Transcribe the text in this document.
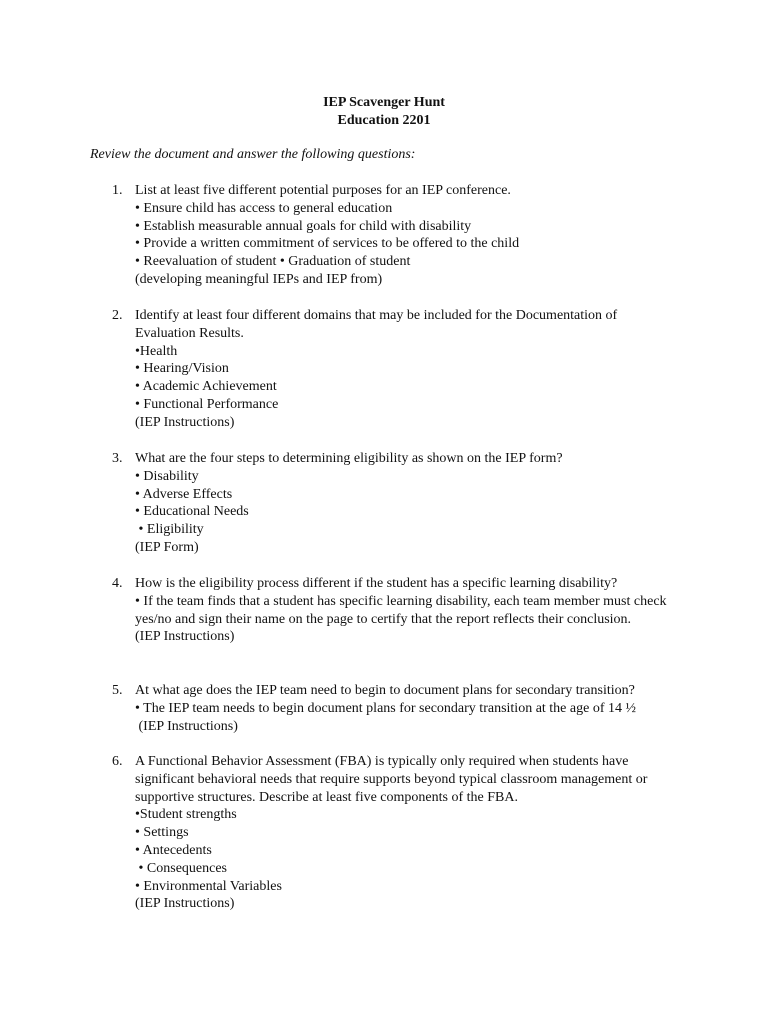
IEP Scavenger Hunt
Education 2201
Review the document and answer the following questions:
1. List at least five different potential purposes for an IEP conference.
• Ensure child has access to general education
• Establish measurable annual goals for child with disability
• Provide a written commitment of services to be offered to the child
• Reevaluation of student • Graduation of student
(developing meaningful IEPs and IEP from)
2. Identify at least four different domains that may be included for the Documentation of Evaluation Results.
•Health
• Hearing/Vision
• Academic Achievement
• Functional Performance
(IEP Instructions)
3. What are the four steps to determining eligibility as shown on the IEP form?
• Disability
• Adverse Effects
• Educational Needs
• Eligibility
(IEP Form)
4. How is the eligibility process different if the student has a specific learning disability?
• If the team finds that a student has specific learning disability, each team member must check yes/no and sign their name on the page to certify that the report reflects their conclusion.
(IEP Instructions)
5. At what age does the IEP team need to begin to document plans for secondary transition?
• The IEP team needs to begin document plans for secondary transition at the age of 14 ½
(IEP Instructions)
6. A Functional Behavior Assessment (FBA) is typically only required when students have significant behavioral needs that require supports beyond typical classroom management or supportive structures. Describe at least five components of the FBA.
•Student strengths
• Settings
• Antecedents
• Consequences
• Environmental Variables
(IEP Instructions)
